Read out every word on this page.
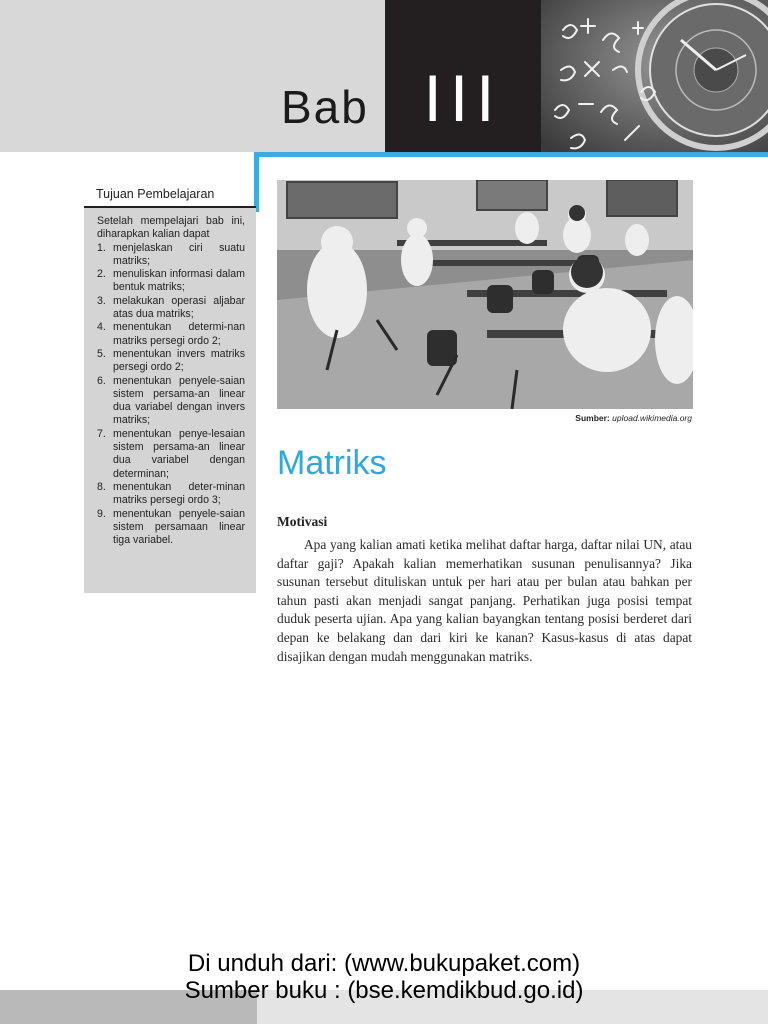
Bab III
Tujuan Pembelajaran
Setelah mempelajari bab ini, diharapkan kalian dapat
1. menjelaskan ciri suatu matriks;
2. menuliskan informasi dalam bentuk matriks;
3. melakukan operasi aljabar atas dua matriks;
4. menentukan determi-nan matriks persegi ordo 2;
5. menentukan invers matriks persegi ordo 2;
6. menentukan penyele-saian sistem persama-an linear dua variabel dengan invers matriks;
7. menentukan penye-lesaian sistem persama-an linear dua variabel dengan determinan;
8. menentukan deter-minan matriks persegi ordo 3;
9. menentukan penyele-saian sistem persamaan linear tiga variabel.
Sumber: upload.wikimedia.org
Matriks
Motivasi

Apa yang kalian amati ketika melihat daftar harga, daftar nilai UN, atau daftar gaji? Apakah kalian memerhatikan susunan penulisannya? Jika susunan tersebut dituliskan untuk per hari atau per bulan atau bahkan per tahun pasti akan menjadi sangat panjang. Perhatikan juga posisi tempat duduk peserta ujian. Apa yang kalian bayangkan tentang posisi berderet dari depan ke belakang dan dari kiri ke kanan? Kasus-kasus di atas dapat disajikan dengan mudah menggunakan matriks.

Di unduh dari: (www.bukupaket.com)
Sumber buku : (bse.kemdikbud.go.id)
